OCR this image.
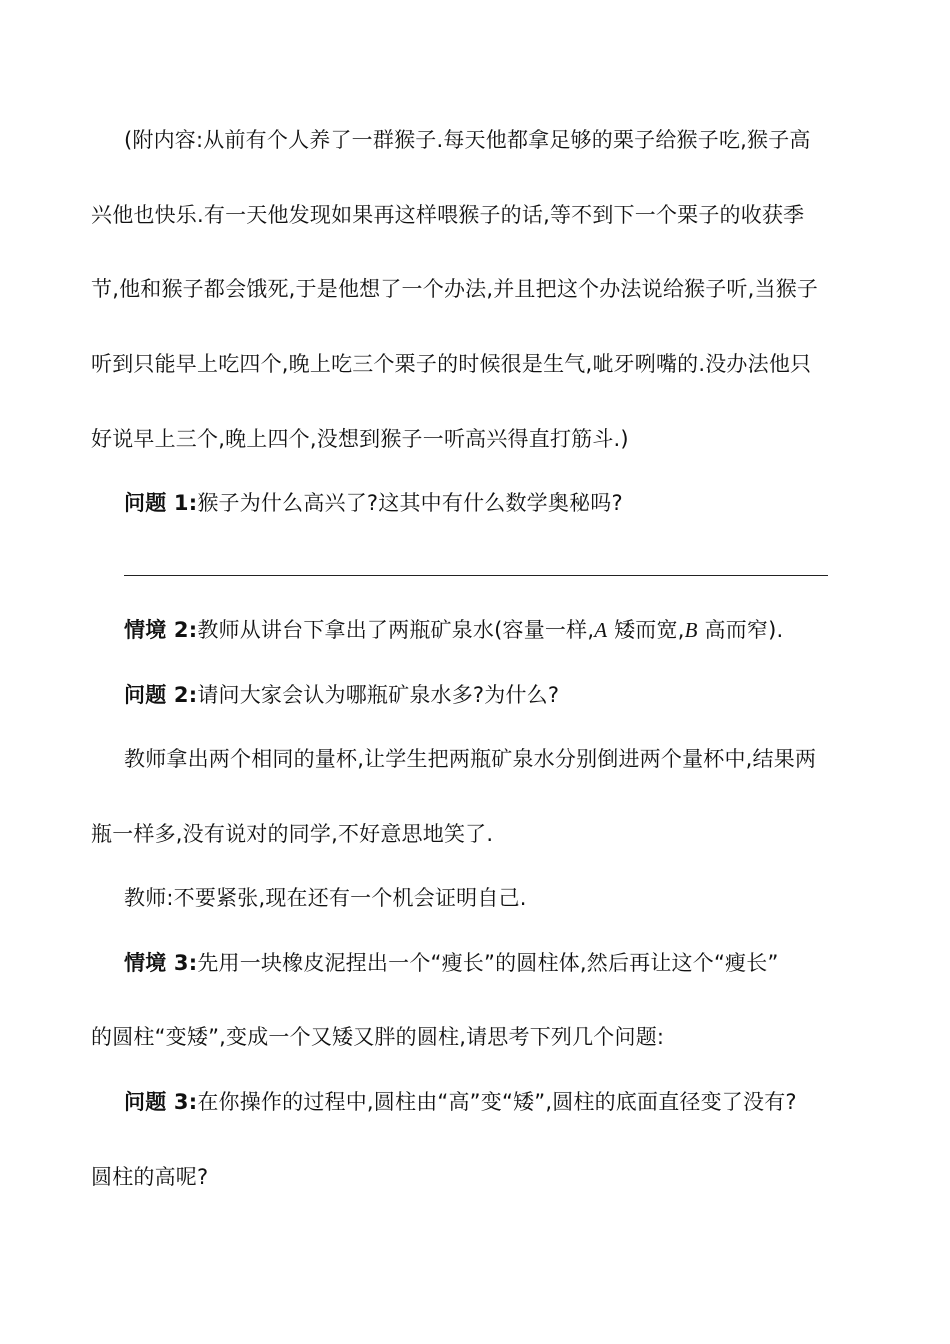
(附内容:从前有个人养了一群猴子.每天他都拿足够的栗子给猴子吃,猴子高
兴他也快乐.有一天他发现如果再这样喂猴子的话,等不到下一个栗子的收获季
节,他和猴子都会饿死,于是他想了一个办法,并且把这个办法说给猴子听,当猴子
听到只能早上吃四个,晚上吃三个栗子的时候很是生气,呲牙咧嘴的.没办法他只
好说早上三个,晚上四个,没想到猴子一听高兴得直打筋斗.)
问题 1:猴子为什么高兴了?这其中有什么数学奥秘吗?
情境 2:教师从讲台下拿出了两瓶矿泉水(容量一样,A 矮而宽,B 高而窄).
问题 2:请问大家会认为哪瓶矿泉水多?为什么?
教师拿出两个相同的量杯,让学生把两瓶矿泉水分别倒进两个量杯中,结果两
瓶一样多,没有说对的同学,不好意思地笑了.
教师:不要紧张,现在还有一个机会证明自己.
情境 3:先用一块橡皮泥捏出一个“瘦长”的圆柱体,然后再让这个“瘦长”
的圆柱“变矮”,变成一个又矮又胖的圆柱,请思考下列几个问题:
问题 3:在你操作的过程中,圆柱由“高”变“矮”,圆柱的底面直径变了没有?
圆柱的高呢?
